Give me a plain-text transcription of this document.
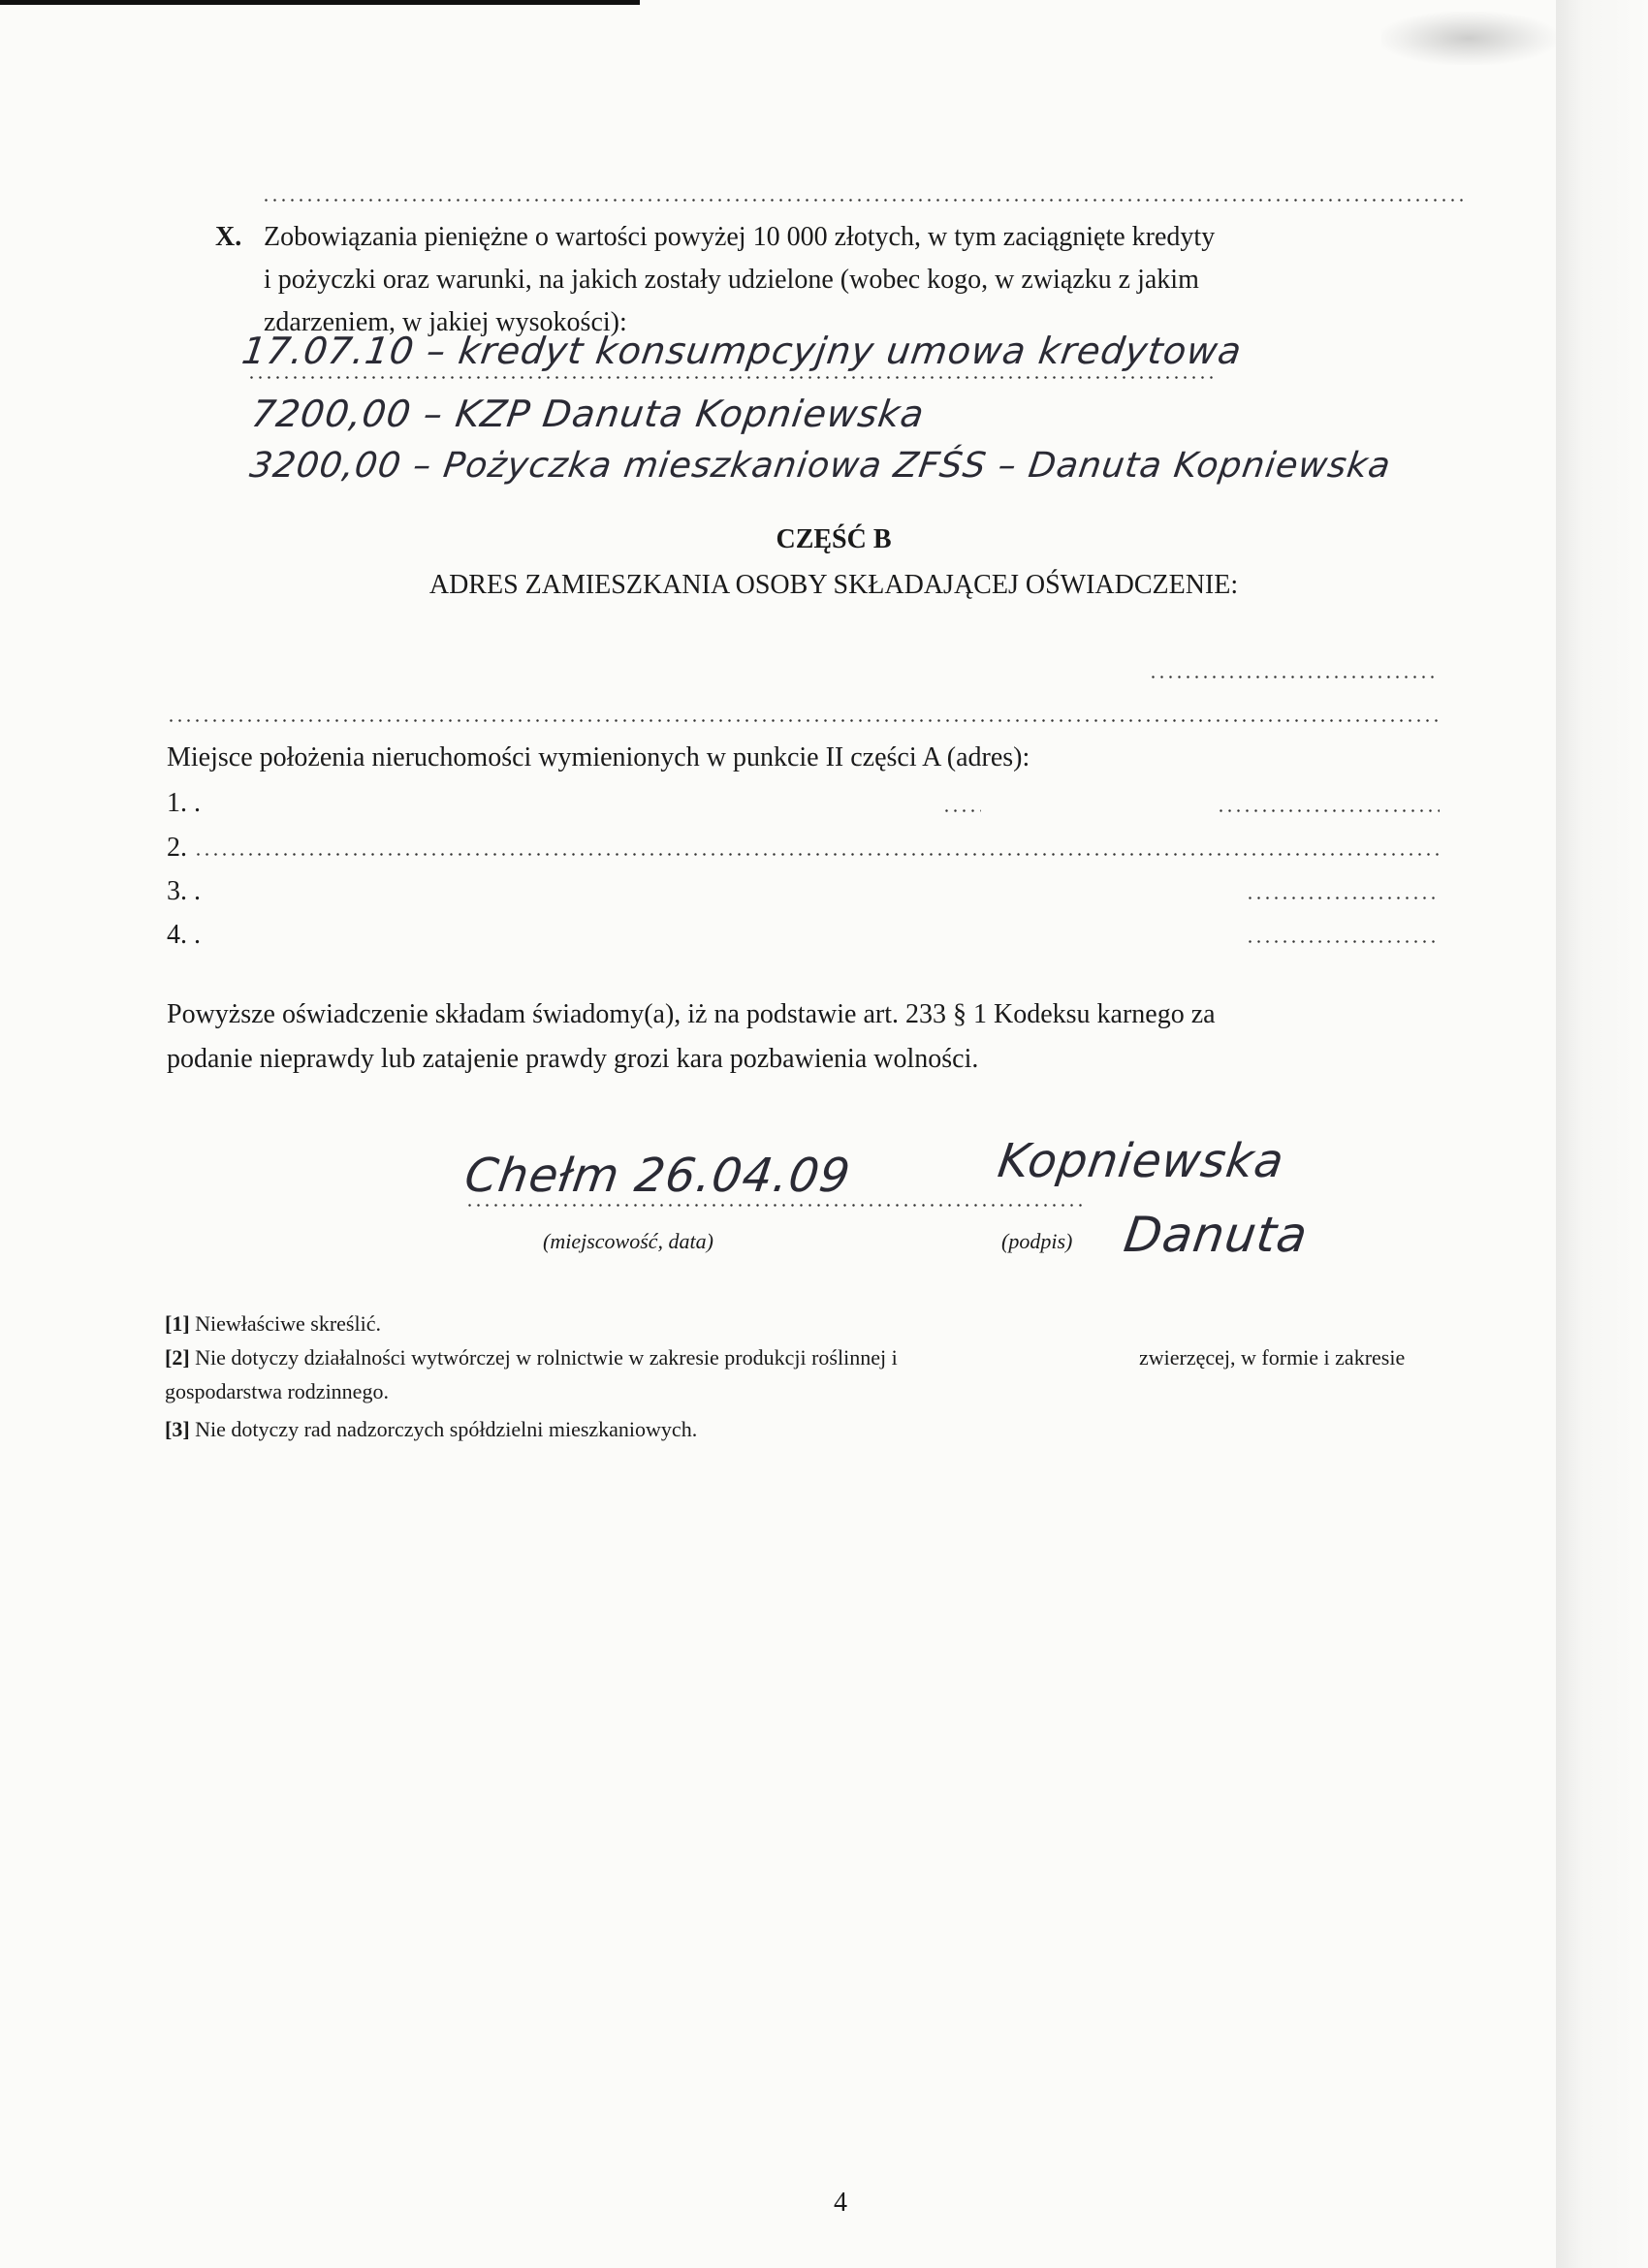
X. Zobowiązania pieniężne o wartości powyżej 10 000 złotych, w tym zaciągnięte kredyty
i pożyczki oraz warunki, na jakich zostały udzielone (wobec kogo, w związku z jakim
zdarzeniem, w jakiej wysokości):
17.07.10 – kredyt konsumpcyjny umowa kredytowa
7200,00 – KZP Danuta Kopniewska
3200,00 – Pożyczka mieszkaniowa ZFŚS – Danuta Kopniewska
CZĘŚĆ B
ADRES ZAMIESZKANIA OSOBY SKŁADAJĄCEJ OŚWIADCZENIE:
Miejsce położenia nieruchomości wymienionych w punkcie II części A (adres):
1. .
2.
3. .
4. .
Powyższe oświadczenie składam świadomy(a), iż na podstawie art. 233 § 1 Kodeksu karnego za
podanie nieprawdy lub zatajenie prawdy grozi kara pozbawienia wolności.
Chełm 26.04.09	Kopniewska
Danuta
(miejscowość, data)	(podpis)
[1] Niewłaściwe skreślić.
[2] Nie dotyczy działalności wytwórczej w rolnictwie w zakresie produkcji roślinnej i	zwierzęcej, w formie i zakresie
gospodarstwa rodzinnego.
[3] Nie dotyczy rad nadzorczych spółdzielni mieszkaniowych.
4
